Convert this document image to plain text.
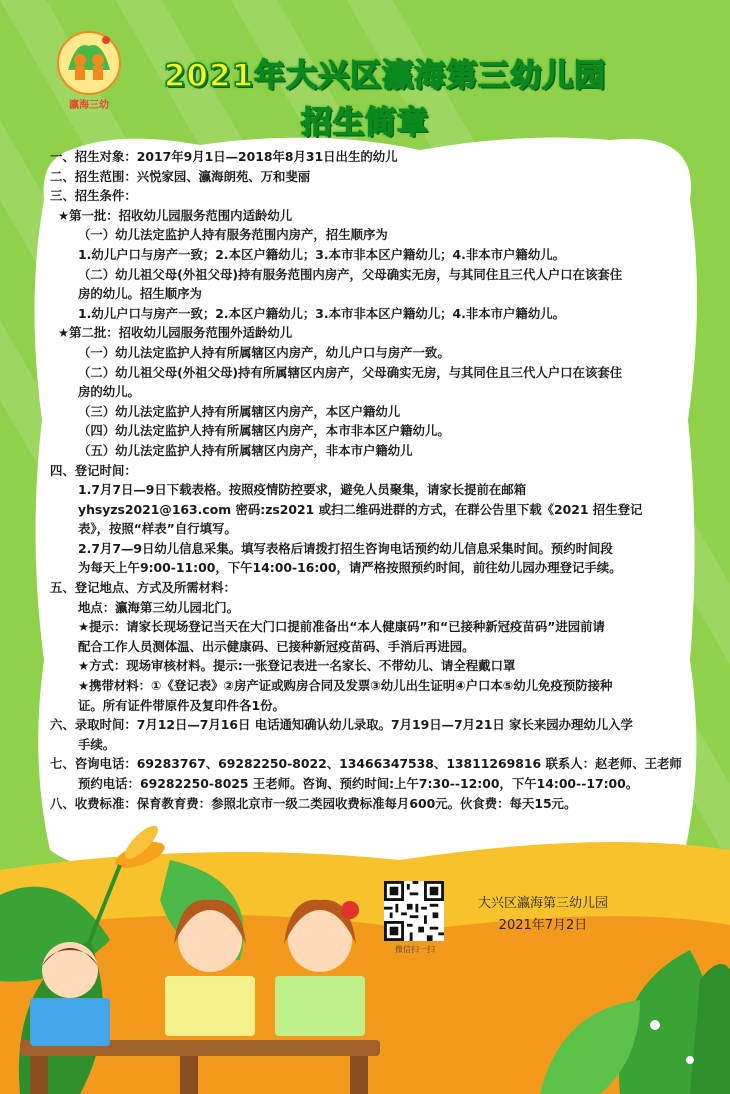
瀛海三幼
2021年大兴区瀛海第三幼儿园
招生简章
一、招生对象：2017年9月1日—2018年8月31日出生的幼儿
二、招生范围：兴悦家园、瀛海朗苑、万和斐丽
三、招生条件：
★第一批：招收幼儿园服务范围内适龄幼儿
（一）幼儿法定监护人持有服务范围内房产，招生顺序为
1.幼儿户口与房产一致；2.本区户籍幼儿；3.本市非本区户籍幼儿；4.非本市户籍幼儿。
（二）幼儿祖父母(外祖父母)持有服务范围内房产，父母确实无房，与其同住且三代人户口在该套住
房的幼儿。招生顺序为
1.幼儿户口与房产一致；2.本区户籍幼儿；3.本市非本区户籍幼儿；4.非本市户籍幼儿。
★第二批：招收幼儿园服务范围外适龄幼儿
（一）幼儿法定监护人持有所属辖区内房产，幼儿户口与房产一致。
（二）幼儿祖父母(外祖父母)持有所属辖区内房产，父母确实无房，与其同住且三代人户口在该套住
房的幼儿。
（三）幼儿法定监护人持有所属辖区内房产，本区户籍幼儿
（四）幼儿法定监护人持有所属辖区内房产，本市非本区户籍幼儿。
（五）幼儿法定监护人持有所属辖区内房产，非本市户籍幼儿
四、登记时间：
1.7月7日—9日下载表格。按照疫情防控要求，避免人员聚集，请家长提前在邮箱
yhsyzs2021@163.com 密码:zs2021 或扫二维码进群的方式，在群公告里下载《2021 招生登记
表》，按照“样表”自行填写。
2.7月7—9日幼儿信息采集。填写表格后请拨打招生咨询电话预约幼儿信息采集时间。预约时间段
为每天上午9:00-11:00，下午14:00-16:00，请严格按照预约时间，前往幼儿园办理登记手续。
五、登记地点、方式及所需材料：
地点：瀛海第三幼儿园北门。
★提示：请家长现场登记当天在大门口提前准备出“本人健康码”和“已接种新冠疫苗码”进园前请
配合工作人员测体温、出示健康码、已接种新冠疫苗码、手消后再进园。
★方式：现场审核材料。提示:一张登记表进一名家长、不带幼儿、请全程戴口罩
★携带材料：①《登记表》②房产证或购房合同及发票③幼儿出生证明④户口本⑤幼儿免疫预防接种
证。所有证件带原件及复印件各1份。
六、录取时间：7月12日—7月16日 电话通知确认幼儿录取。7月19日—7月21日 家长来园办理幼儿入学
手续。
七、咨询电话：69283767、69282250-8022、13466347538、13811269816 联系人：赵老师、王老师
预约电话：69282250-8025 王老师。咨询、预约时间:上午7:30--12:00，下午14:00--17:00。
八、收费标准：保育教育费：参照北京市一级二类园收费标准每月600元。伙食费：每天15元。
微信扫一扫
大兴区瀛海第三幼儿园
2021年7月2日
